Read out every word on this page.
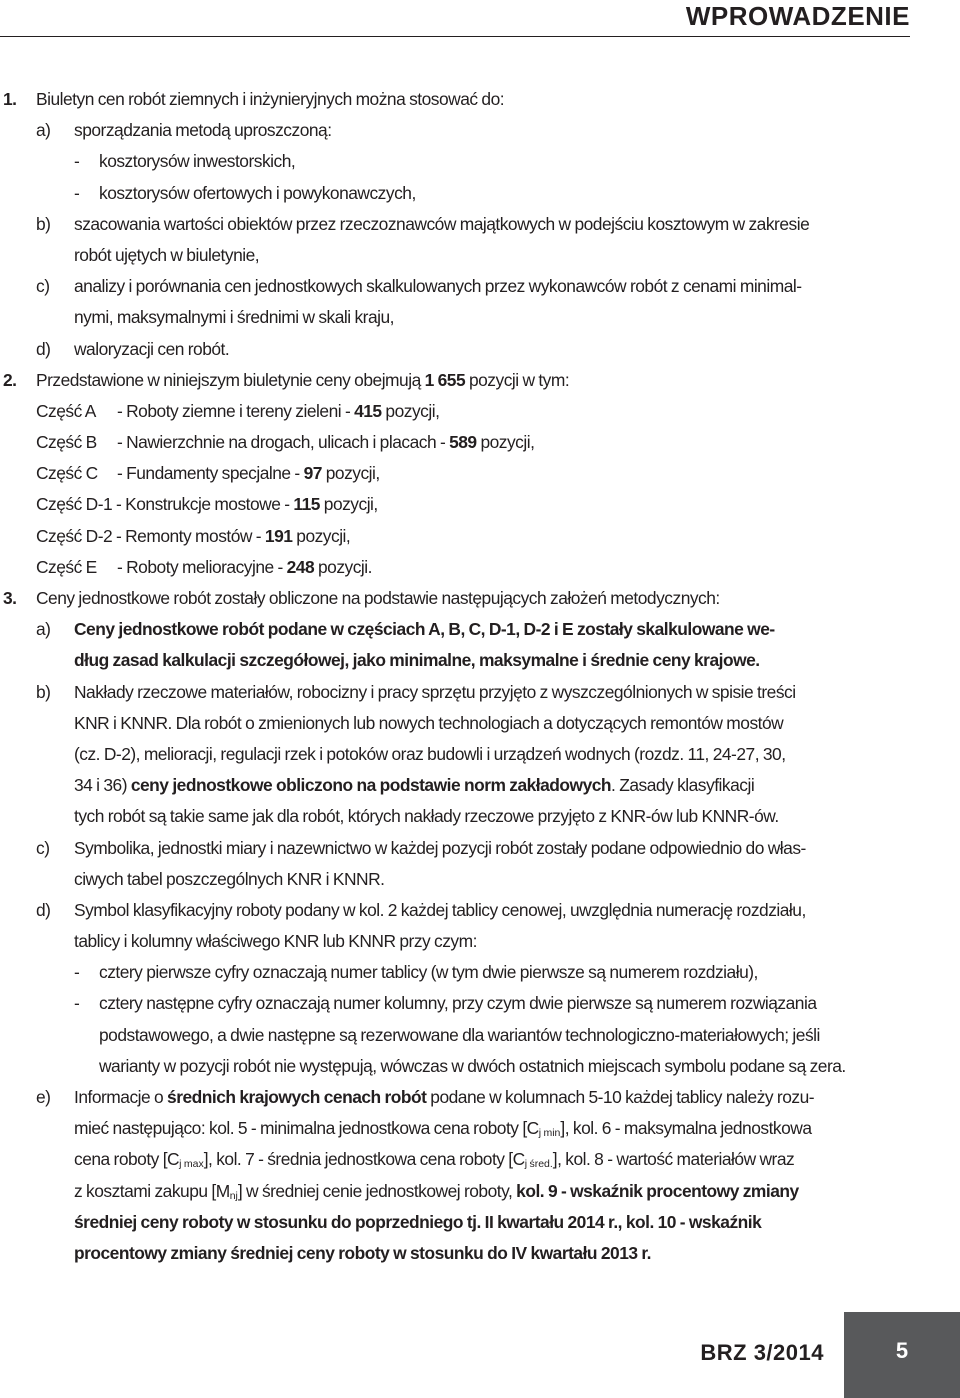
WPROWADZENIE
1. Biuletyn cen robót ziemnych i inżynieryjnych można stosować do:
a) sporządzania metodą uproszczoną:
- kosztorysów inwestorskich,
- kosztorysów ofertowych i powykonawczych,
b) szacowania wartości obiektów przez rzeczoznawców majątkowych w podejściu kosztowym w zakresie
robót ujętych w biuletynie,
c) analizy i porównania cen jednostkowych skalkulowanych przez wykonawców robót z cenami minimal-
nymi, maksymalnymi i średnimi w skali kraju,
d) waloryzacji cen robót.
2. Przedstawione w niniejszym biuletynie ceny obejmują 1 655 pozycji w tym:
Część A - Roboty ziemne i tereny zieleni - 415 pozycji,
Część B - Nawierzchnie na drogach, ulicach i placach - 589 pozycji,
Część C - Fundamenty specjalne - 97 pozycji,
Część D-1 - Konstrukcje mostowe - 115 pozycji,
Część D-2 - Remonty mostów - 191 pozycji,
Część E - Roboty melioracyjne - 248 pozycji.
3. Ceny jednostkowe robót zostały obliczone na podstawie następujących założeń metodycznych:
a) Ceny jednostkowe robót podane w częściach A, B, C, D-1, D-2 i E zostały skalkulowane we-
dług zasad kalkulacji szczegółowej, jako minimalne, maksymalne i średnie ceny krajowe.
b) Nakłady rzeczowe materiałów, robocizny i pracy sprzętu przyjęto z wyszczególnionych w spisie treści
KNR i KNNR. Dla robót o zmienionych lub nowych technologiach a dotyczących remontów mostów
(cz. D-2), melioracji, regulacji rzek i potoków oraz budowli i urządzeń wodnych (rozdz. 11, 24-27, 30,
34 i 36) ceny jednostkowe obliczono na podstawie norm zakładowych. Zasady klasyfikacji
tych robót są takie same jak dla robót, których nakłady rzeczowe przyjęto z KNR-ów lub KNNR-ów.
c) Symbolika, jednostki miary i nazewnictwo w każdej pozycji robót zostały podane odpowiednio do włas-
ciwych tabel poszczególnych KNR i KNNR.
d) Symbol klasyfikacyjny roboty podany w kol. 2 każdej tablicy cenowej, uwzględnia numerację rozdziału,
tablicy i kolumny właściwego KNR lub KNNR przy czym:
- cztery pierwsze cyfry oznaczają numer tablicy (w tym dwie pierwsze są numerem rozdziału),
- cztery następne cyfry oznaczają numer kolumny, przy czym dwie pierwsze są numerem rozwiązania
podstawowego, a dwie następne są rezerwowane dla wariantów technologiczno-materiałowych; jeśli
warianty w pozycji robót nie występują, wówczas w dwóch ostatnich miejscach symbolu podane są zera.
e) Informacje o średnich krajowych cenach robót podane w kolumnach 5-10 każdej tablicy należy rozu-
mieć następująco: kol. 5 - minimalna jednostkowa cena roboty $[C_{j min}]$, kol. 6 - maksymalna jednostkowa
cena roboty $[C_{j max}]$, kol. 7 - średnia jednostkowa cena roboty $[C_{j śred.}]$, kol. 8 - wartość materiałów wraz
z kosztami zakupu $[M_{nj}]$ w średniej cenie jednostkowej roboty, kol. 9 - wskaźnik procentowy zmiany
średniej ceny roboty w stosunku do poprzedniego tj. II kwartału 2014 r., kol. 10 - wskaźnik
procentowy zmiany średniej ceny roboty w stosunku do IV kwartału 2013 r.
BRZ 3/2014	5
